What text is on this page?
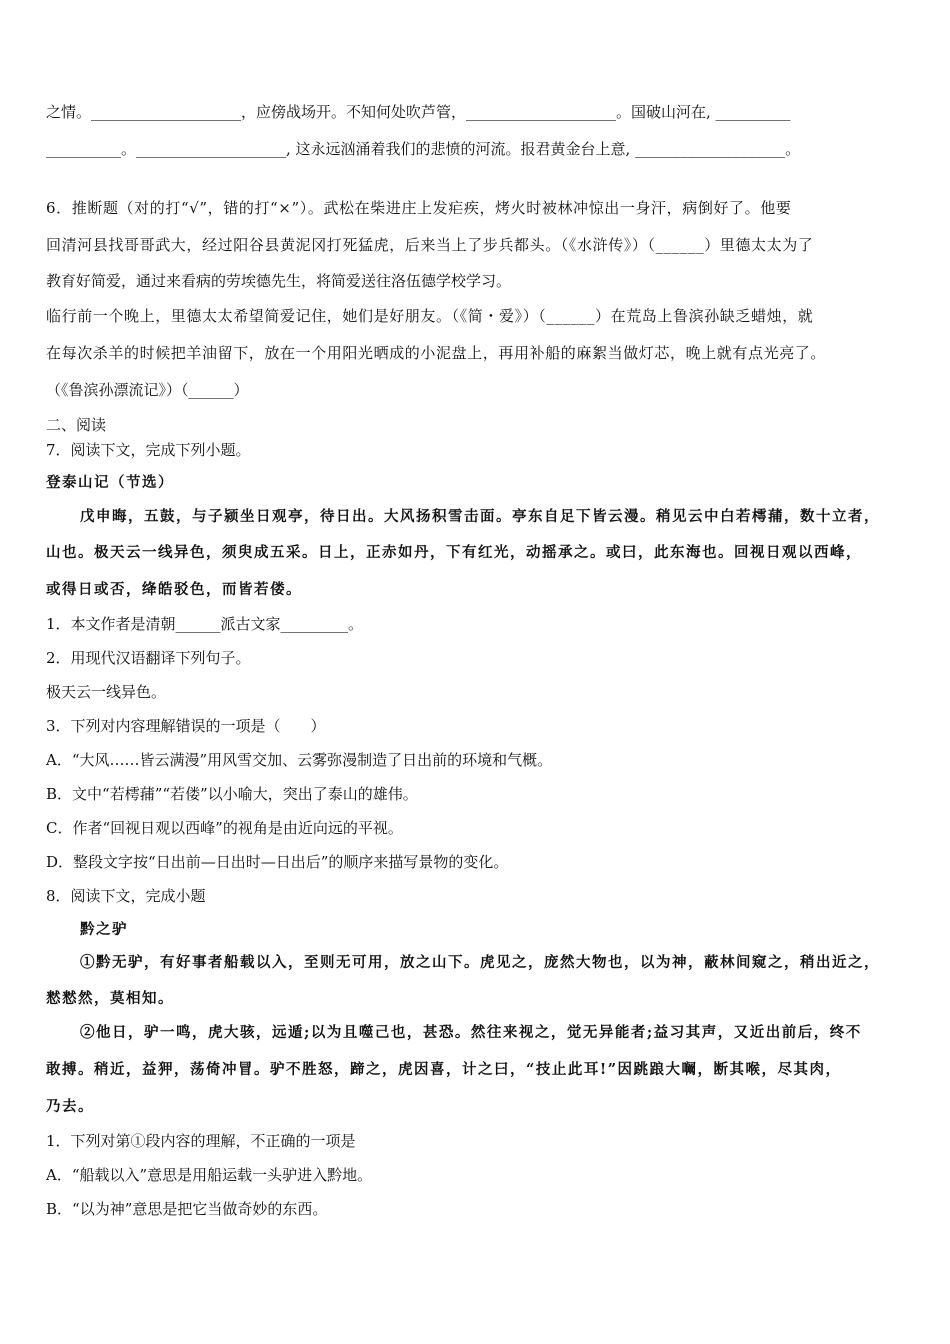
之情。____________________，应傍战场开。不知何处吹芦管，____________________。国破山河在, __________
__________。____________________, 这永远汹涌着我们的悲愤的河流。报君黄金台上意, ____________________。
6．推断题（对的打“√”，错的打“×”）。武松在柴进庄上发疟疾，烤火时被林冲惊出一身汗，病倒好了。他要
回清河县找哥哥武大，经过阳谷县黄泥冈打死猛虎，后来当上了步兵都头。（《水浒传》）（______）里德太太为了
教育好简爱，通过来看病的劳埃德先生，将简爱送往洛伍德学校学习。
临行前一个晚上，里德太太希望简爱记住，她们是好朋友。（《简・爱》）（______）在荒岛上鲁滨孙缺乏蜡烛，就
在每次杀羊的时候把羊油留下，放在一个用阳光晒成的小泥盘上，再用补船的麻絮当做灯芯，晚上就有点光亮了。
（《鲁滨孙漂流记》）（______）
二、阅读
7．阅读下文，完成下列小题。
登泰山记（节选）
戊申晦，五鼓，与子颍坐日观亭，待日出。大风扬积雪击面。亭东自足下皆云漫。稍见云中白若樗蒱，数十立者，
山也。极天云一线异色，须臾成五采。日上，正赤如丹，下有红光，动摇承之。或曰，此东海也。回视日观以西峰，
或得日或否，绛皓驳色，而皆若偻。
1．本文作者是清朝______派古文家_________。
2．用现代汉语翻译下列句子。
极天云一线异色。
3．下列对内容理解错误的一项是（　　）
A．“大风……皆云满漫”用风雪交加、云雾弥漫制造了日出前的环境和气概。
B．文中“若樗蒱”“若偻”以小喻大，突出了泰山的雄伟。
C．作者“回视日观以西峰”的视角是由近向远的平视。
D．整段文字按“日出前—日出时—日出后”的顺序来描写景物的变化。
8．阅读下文，完成小题
黔之驴
①黔无驴，有好事者船载以入，至则无可用，放之山下。虎见之，庞然大物也，以为神，蔽林间窥之，稍出近之，
慭慭然，莫相知。
②他日，驴一鸣，虎大骇，远遁;以为且噬己也，甚恐。然往来视之，觉无异能者;益习其声，又近出前后，终不
敢搏。稍近，益狎，荡倚冲冒。驴不胜怒，蹄之，虎因喜，计之曰，“技止此耳!”因跳踉大㘎，断其喉，尽其肉，
乃去。
1．下列对第①段内容的理解，不正确的一项是
A．“船载以入”意思是用船运载一头驴进入黔地。
B．“以为神”意思是把它当做奇妙的东西。
